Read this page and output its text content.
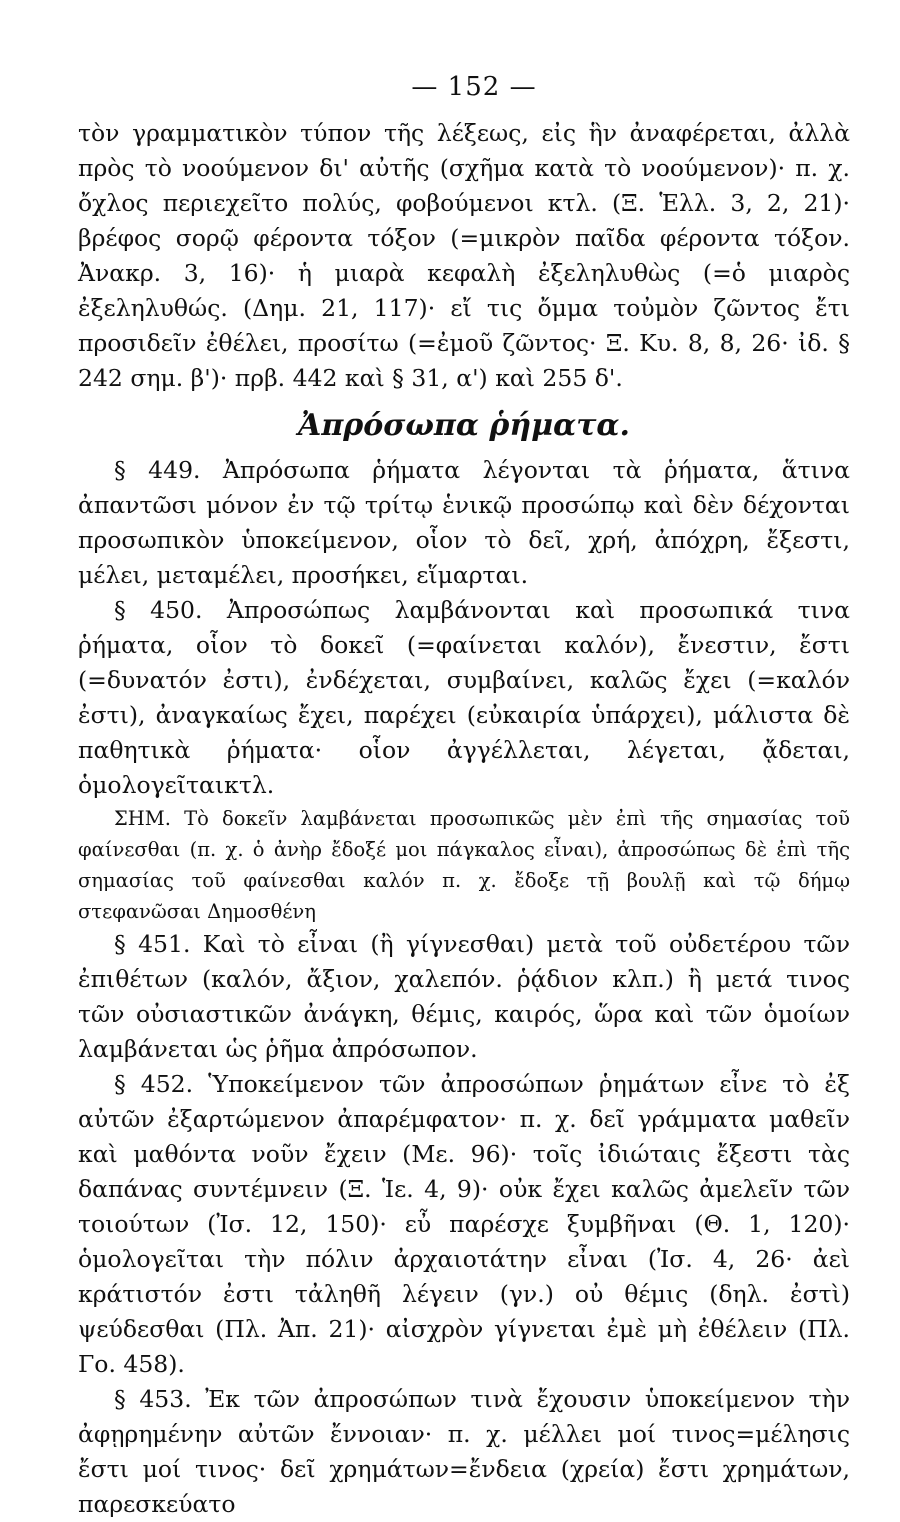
— 152 —

τὸν γραμματικὸν τύπον τῆς λέξεως, εἰς ἣν ἀναφέρεται, ἀλλὰ πρὸς τὸ νοούμενον δι' αὐτῆς (σχῆμα κατὰ τὸ νοούμενον)· π. χ. ὄχλος περιεχεῖτο πολύς, φοβούμενοι κτλ. (Ξ. Ἑλλ. 3, 2, 21)· βρέφος σορῷ φέροντα τόξον (=μικρὸν παῖδα φέροντα τόξον. Ἀνακρ. 3, 16)· ἡ μιαρὰ κεφαλὴ ἐξεληλυθὼς (=ὁ μιαρὸς ἐξεληλυθώς. (Δημ. 21, 117)· εἴ τις ὄμμα τοὐμὸν ζῶντος ἔτι προσιδεῖν ἐθέλει, προσίτω (=ἐμοῦ ζῶντος· Ξ. Κυ. 8, 8, 26· ἰδ. § 242 σημ. β')· πρβ. 442 καὶ § 31, α') καὶ 255 δ'.

Ἀπρόσωπα ῥήματα.

§ 449. Ἀπρόσωπα ῥήματα λέγονται τὰ ῥήματα, ἅτινα ἀπαντῶσι μόνον ἐν τῷ τρίτῳ ἑνικῷ προσώπῳ καὶ δὲν δέχονται προσωπικὸν ὑποκείμενον, οἷον τὸ δεῖ, χρή, ἀπόχρη, ἔξεστι, μέλει, μεταμέλει, προσήκει, εἵμαρται.

§ 450. Ἀπροσώπως λαμβάνονται καὶ προσωπικά τινα ῥήματα, οἷον τὸ δοκεῖ (=φαίνεται καλόν), ἔνεστιν, ἔστι (=δυνατόν ἐστι), ἐνδέχεται, συμβαίνει, καλῶς ἔχει (=καλόν ἐστι), ἀναγκαίως ἔχει, παρέχει (εὐκαιρία ὑπάρχει), μάλιστα δὲ παθητικὰ ῥήματα· οἷον ἀγγέλλεται, λέγεται, ᾄδεται, ὁμολογεῖταικτλ.

ΣΗΜ. Τὸ δοκεῖν λαμβάνεται προσωπικῶς μὲν ἐπὶ τῆς σημασίας τοῦ φαίνεσθαι (π. χ. ὁ ἀνὴρ ἔδοξέ μοι πάγκαλος εἶναι), ἀπροσώπως δὲ ἐπὶ τῆς σημασίας τοῦ φαίνεσθαι καλόν π. χ. ἔδοξε τῇ βουλῇ καὶ τῷ δήμῳ στεφανῶσαι Δημοσθένη

§ 451. Καὶ τὸ εἶναι (ἢ γίγνεσθαι) μετὰ τοῦ οὐδετέρου τῶν ἐπιθέτων (καλόν, ἄξιον, χαλεπόν. ῥᾴδιον κλπ.) ἢ μετά τινος τῶν οὐσιαστικῶν ἀνάγκη, θέμις, καιρός, ὥρα καὶ τῶν ὁμοίων λαμβάνεται ὡς ῥῆμα ἀπρόσωπον.

§ 452. Ὑποκείμενον τῶν ἀπροσώπων ῥημάτων εἶνε τὸ ἐξ αὐτῶν ἐξαρτώμενον ἀπαρέμφατον· π. χ. δεῖ γράμματα μαθεῖν καὶ μαθόντα νοῦν ἔχειν (Με. 96)· τοῖς ἰδιώταις ἔξεστι τὰς δαπάνας συντέμνειν (Ξ. Ἱε. 4, 9)· οὐκ ἔχει καλῶς ἀμελεῖν τῶν τοιούτων (Ἰσ. 12, 150)· εὖ παρέσχε ξυμβῆναι (Θ. 1, 120)· ὁμολογεῖται τὴν πόλιν ἀρχαιοτάτην εἶναι (Ἰσ. 4, 26· ἀεὶ κράτιστόν ἐστι τἀληθῆ λέγειν (γν.) οὐ θέμις (δηλ. ἐστὶ) ψεύδεσθαι (Πλ. Ἀπ. 21)· αἰσχρὸν γίγνεται ἐμὲ μὴ ἐθέλειν (Πλ. Γο. 458).

§ 453. Ἐκ τῶν ἀπροσώπων τινὰ ἔχουσιν ὑποκείμενον τὴν ἀφῃρημένην αὐτῶν ἔννοιαν· π. χ. μέλλει μοί τινος=μέλησις ἔστι μοί τινος· δεῖ χρημάτων=ἔνδεια (χρεία) ἔστι χρημάτων, παρεσκεύατο
